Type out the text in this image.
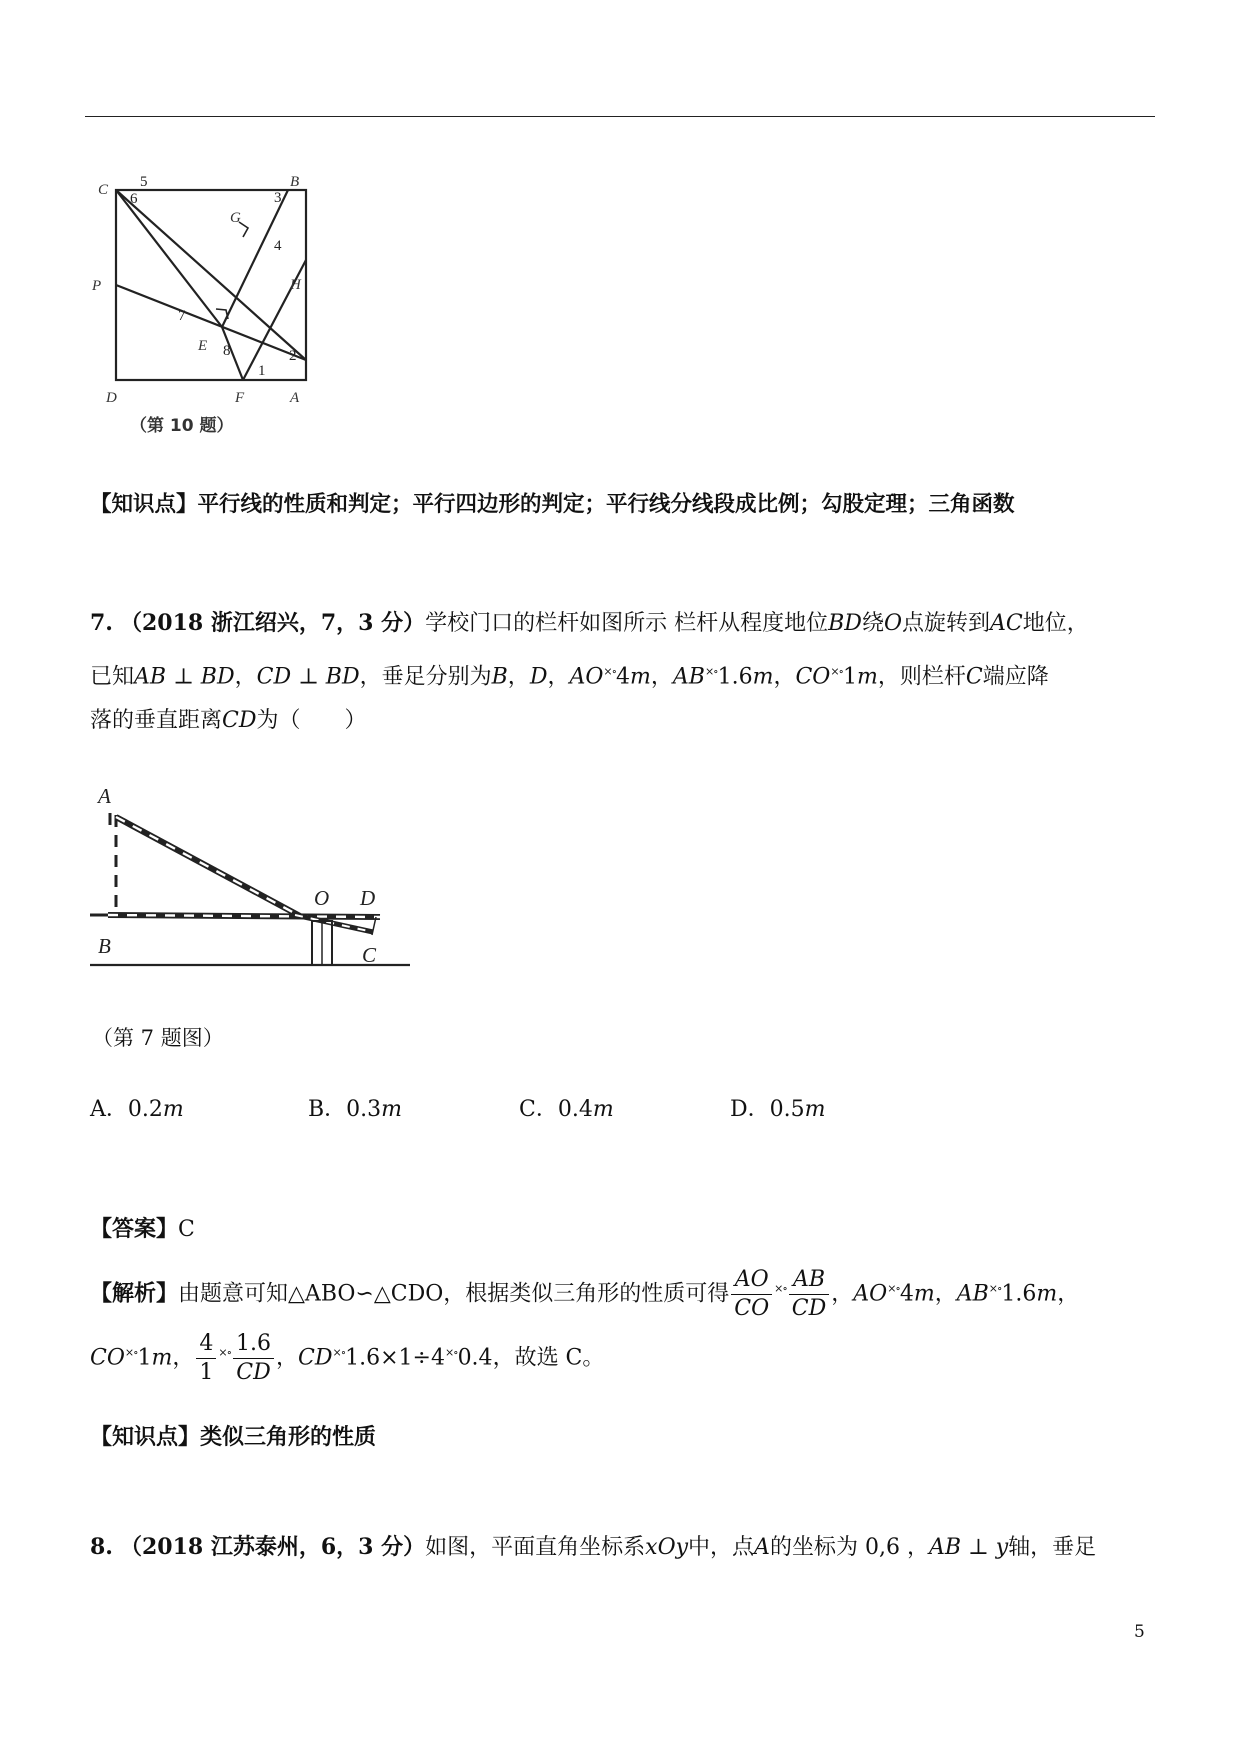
C	B
P	H
G
E
D	F	A
1
2
3
4
5
6
7
8
（第 10 题）
【知识点】平行线的性质和判定；平行四边形的判定；平行线分线段成比例；勾股定理；三角函数
7. （2018 浙江绍兴，7，3 分）学校门口的栏杆如图所示 栏杆从程度地位BD绕O点旋转到AC地位，
已知AB ⊥ BD，CD ⊥ BD，垂足分别为B，D，AO×∘4m，AB×∘1.6m，CO×∘1m，则栏杆C端应降
落的垂直距离CD为（　　）
A
B
O D
C
（第 7 题图）
A．0.2m	B．0.3m	C．0.4m	D．0.5m
【答案】C
【解析】由题意可知△ABO∽△CDO，根据类似三角形的性质可得 $\frac{AO}{CO} ^{\times\circ} \frac{AB}{CD}$ ，AO×∘4m，AB×∘1.6m，
CO×∘1m， $\frac{4}{1} ^{\times\circ} \frac{1.6}{CD}$ ，CD×∘1.6×1÷4×∘0.4，故选 C。
【知识点】类似三角形的性质
8. （2018 江苏泰州，6，3 分）如图，平面直角坐标系xOy中，点A的坐标为 0,6 ，AB ⊥ y轴，垂足
5
